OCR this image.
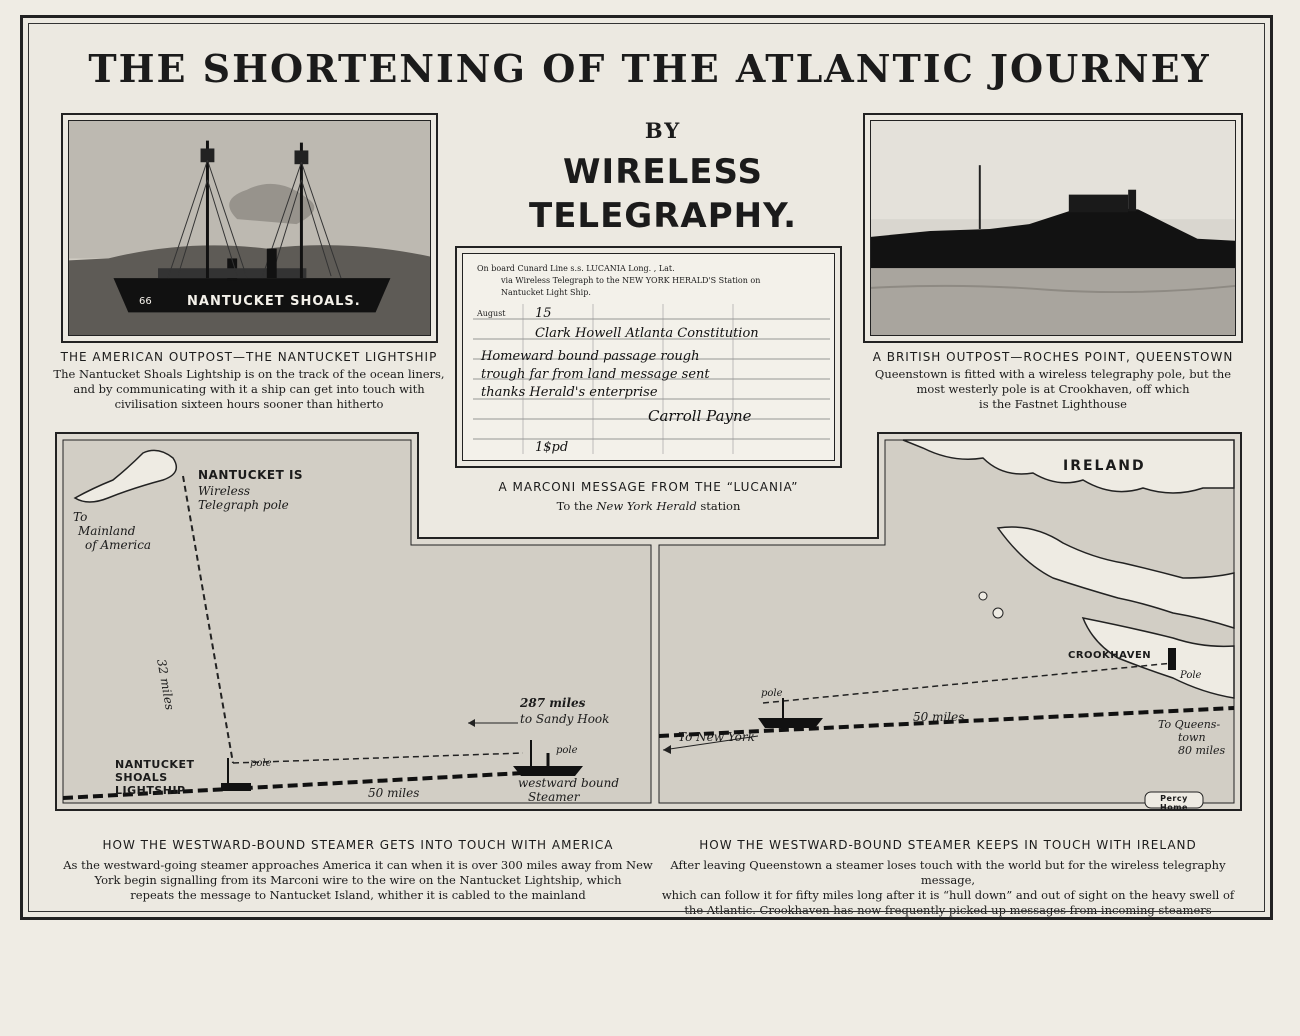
THE SHORTENING OF THE ATLANTIC JOURNEY
BY
WIRELESS
TELEGRAPHY.
66	NANTUCKET SHOALS.
THE AMERICAN OUTPOST—THE NANTUCKET LIGHTSHIP
The Nantucket Shoals Lightship is on the track of the ocean liners,
and by communicating with it a ship can get into touch with
civilisation sixteen hours sooner than hitherto
A BRITISH OUTPOST—ROCHES POINT, QUEENSTOWN
Queenstown is fitted with a wireless telegraphy pole, but the
most westerly pole is at Crookhaven, off which
is the Fastnet Lighthouse
On board Cunard Line s.s. LUCANIA Long. , Lat.
via Wireless Telegraph to the NEW YORK HERALD'S Station on
Nantucket Light Ship.
August 15
Clark Howell Atlanta Constitution
Homeward bound passage rough
trough far from land message sent
thanks Herald's enterprise
Carroll Payne
1$pd
A MARCONI MESSAGE FROM THE “LUCANIA”
To the New York Herald station
NANTUCKET IS
Wireless Telegraph pole
To
Mainland
of America
32 miles	287 miles
to Sandy Hook
pole
pole
NANTUCKET
SHOALS
LIGHTSHIP
westward bound
Steamer
50 miles
IRELAND
CROOKHAVEN
Pole
pole
To New York
50 miles
To Queens-
town
80 miles
Percy Home
HOW THE WESTWARD-BOUND STEAMER GETS INTO TOUCH WITH AMERICA
As the westward-going steamer approaches America it can when it is over 300 miles away from New
York begin signalling from its Marconi wire to the wire on the Nantucket Lightship, which
repeats the message to Nantucket Island, whither it is cabled to the mainland
HOW THE WESTWARD-BOUND STEAMER KEEPS IN TOUCH WITH IRELAND
After leaving Queenstown a steamer loses touch with the world but for the wireless telegraphy message,
which can follow it for fifty miles long after it is “hull down” and out of sight on the heavy swell of
the Atlantic. Crookhaven has now frequently picked up messages from incoming steamers
